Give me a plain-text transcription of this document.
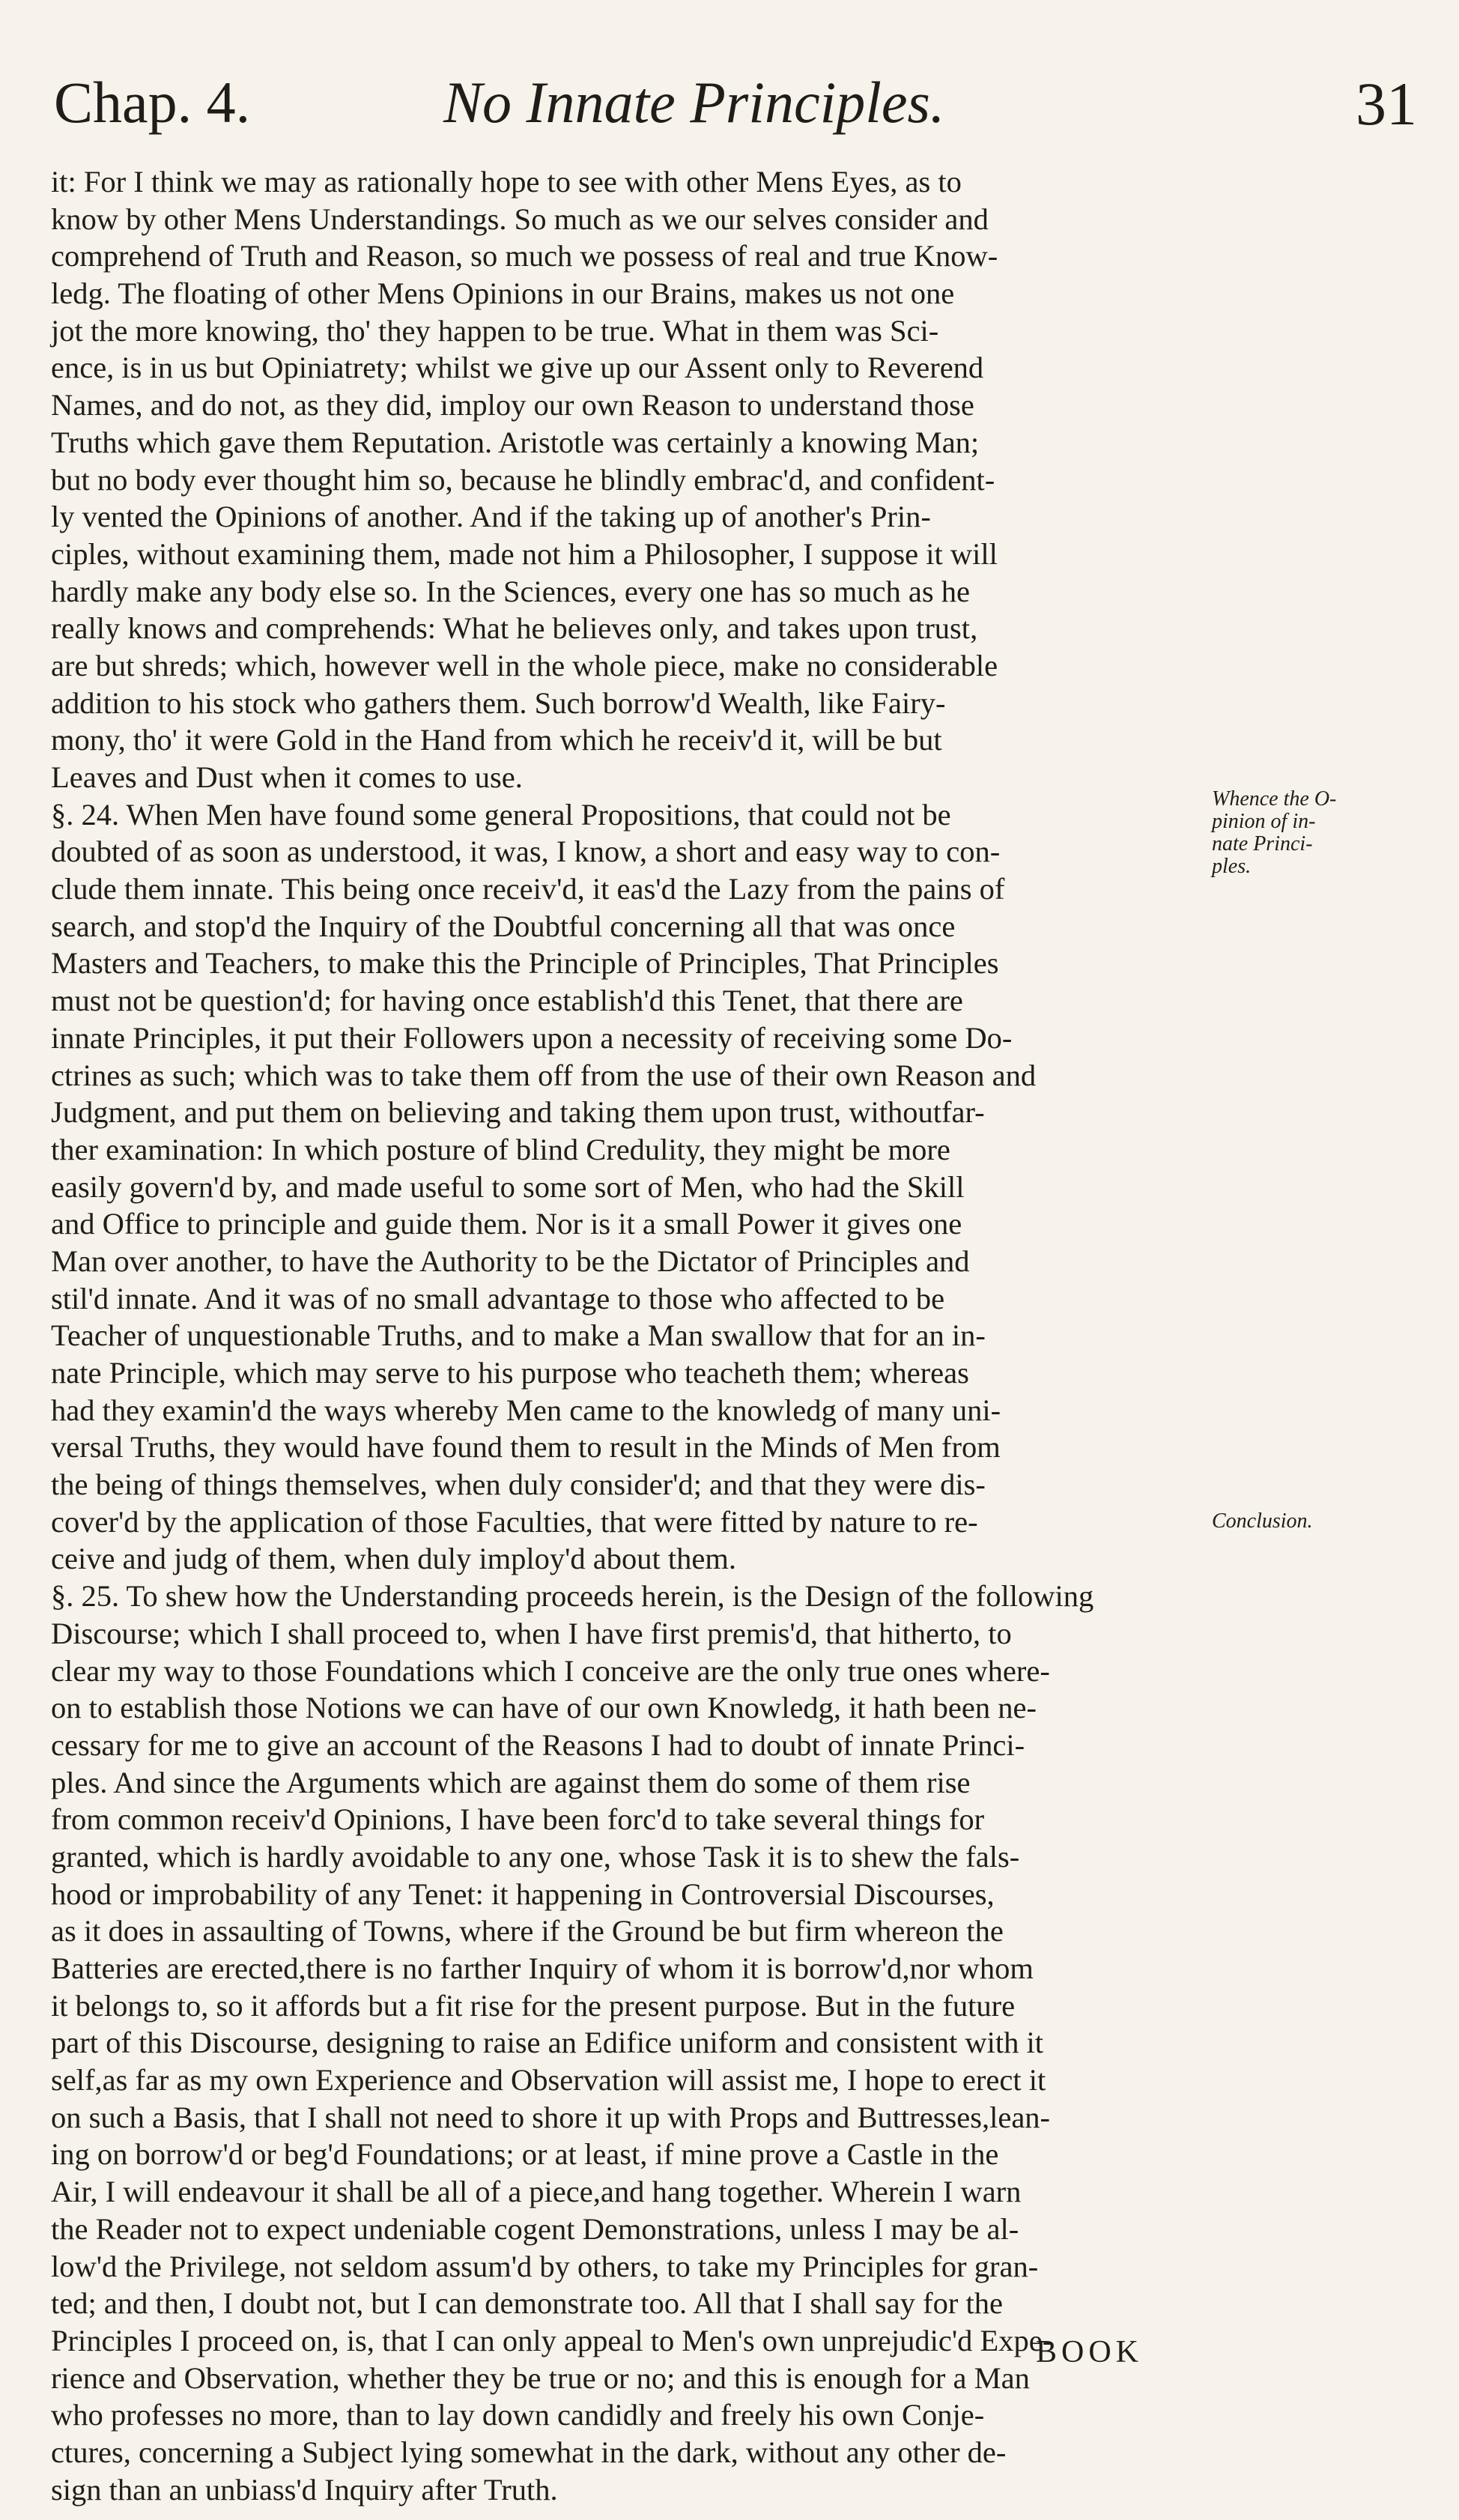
Chap. 4.	No Innate Principles.	31
it: For I think we may as rationally hope to see with other Mens Eyes, as to
know by other Mens Understandings. So much as we our selves consider and
comprehend of Truth and Reason, so much we possess of real and true Know-
ledg. The floating of other Mens Opinions in our Brains, makes us not one
jot the more knowing, tho' they happen to be true. What in them was Sci-
ence, is in us but Opiniatrety; whilst we give up our Assent only to Reverend
Names, and do not, as they did, imploy our own Reason to understand those
Truths which gave them Reputation. Aristotle was certainly a knowing Man;
but no body ever thought him so, because he blindly embrac'd, and confident-
ly vented the Opinions of another. And if the taking up of another's Prin-
ciples, without examining them, made not him a Philosopher, I suppose it will
hardly make any body else so. In the Sciences, every one has so much as he
really knows and comprehends: What he believes only, and takes upon trust,
are but shreds; which, however well in the whole piece, make no considerable
addition to his stock who gathers them. Such borrow'd Wealth, like Fairy-
mony, tho' it were Gold in the Hand from which he receiv'd it, will be but
Leaves and Dust when it comes to use.
§. 24. When Men have found some general Propositions, that could not be
doubted of as soon as understood, it was, I know, a short and easy way to con-
clude them innate. This being once receiv'd, it eas'd the Lazy from the pains of
search, and stop'd the Inquiry of the Doubtful concerning all that was once
Masters and Teachers, to make this the Principle of Principles, That Principles
must not be question'd; for having once establish'd this Tenet, that there are
innate Principles, it put their Followers upon a necessity of receiving some Do-
ctrines as such; which was to take them off from the use of their own Reason and
Judgment, and put them on believing and taking them upon trust, withoutfar-
ther examination: In which posture of blind Credulity, they might be more
easily govern'd by, and made useful to some sort of Men, who had the Skill
and Office to principle and guide them. Nor is it a small Power it gives one
Man over another, to have the Authority to be the Dictator of Principles and
stil'd innate. And it was of no small advantage to those who affected to be
Teacher of unquestionable Truths, and to make a Man swallow that for an in-
nate Principle, which may serve to his purpose who teacheth them; whereas
had they examin'd the ways whereby Men came to the knowledg of many uni-
versal Truths, they would have found them to result in the Minds of Men from
the being of things themselves, when duly consider'd; and that they were dis-
cover'd by the application of those Faculties, that were fitted by nature to re-
ceive and judg of them, when duly imploy'd about them.
§. 25. To shew how the Understanding proceeds herein, is the Design of the following
Discourse; which I shall proceed to, when I have first premis'd, that hitherto, to
clear my way to those Foundations which I conceive are the only true ones where-
on to establish those Notions we can have of our own Knowledg, it hath been ne-
cessary for me to give an account of the Reasons I had to doubt of innate Princi-
ples. And since the Arguments which are against them do some of them rise
from common receiv'd Opinions, I have been forc'd to take several things for
granted, which is hardly avoidable to any one, whose Task it is to shew the fals-
hood or improbability of any Tenet: it happening in Controversial Discourses,
as it does in assaulting of Towns, where if the Ground be but firm whereon the
Batteries are erected,there is no farther Inquiry of whom it is borrow'd,nor whom
it belongs to, so it affords but a fit rise for the present purpose. But in the future
part of this Discourse, designing to raise an Edifice uniform and consistent with it
self,as far as my own Experience and Observation will assist me, I hope to erect it
on such a Basis, that I shall not need to shore it up with Props and Buttresses,lean-
ing on borrow'd or beg'd Foundations; or at least, if mine prove a Castle in the
Air, I will endeavour it shall be all of a piece,and hang together. Wherein I warn
the Reader not to expect undeniable cogent Demonstrations, unless I may be al-
low'd the Privilege, not seldom assum'd by others, to take my Principles for gran-
ted; and then, I doubt not, but I can demonstrate too. All that I shall say for the
Principles I proceed on, is, that I can only appeal to Men's own unprejudic'd Expe-
rience and Observation, whether they be true or no; and this is enough for a Man
who professes no more, than to lay down candidly and freely his own Conje-
ctures, concerning a Subject lying somewhat in the dark, without any other de-
sign than an unbiass'd Inquiry after Truth.
Whence the O-
pinion of in-
nate Princi-
ples.
Conclusion.
BOOK
